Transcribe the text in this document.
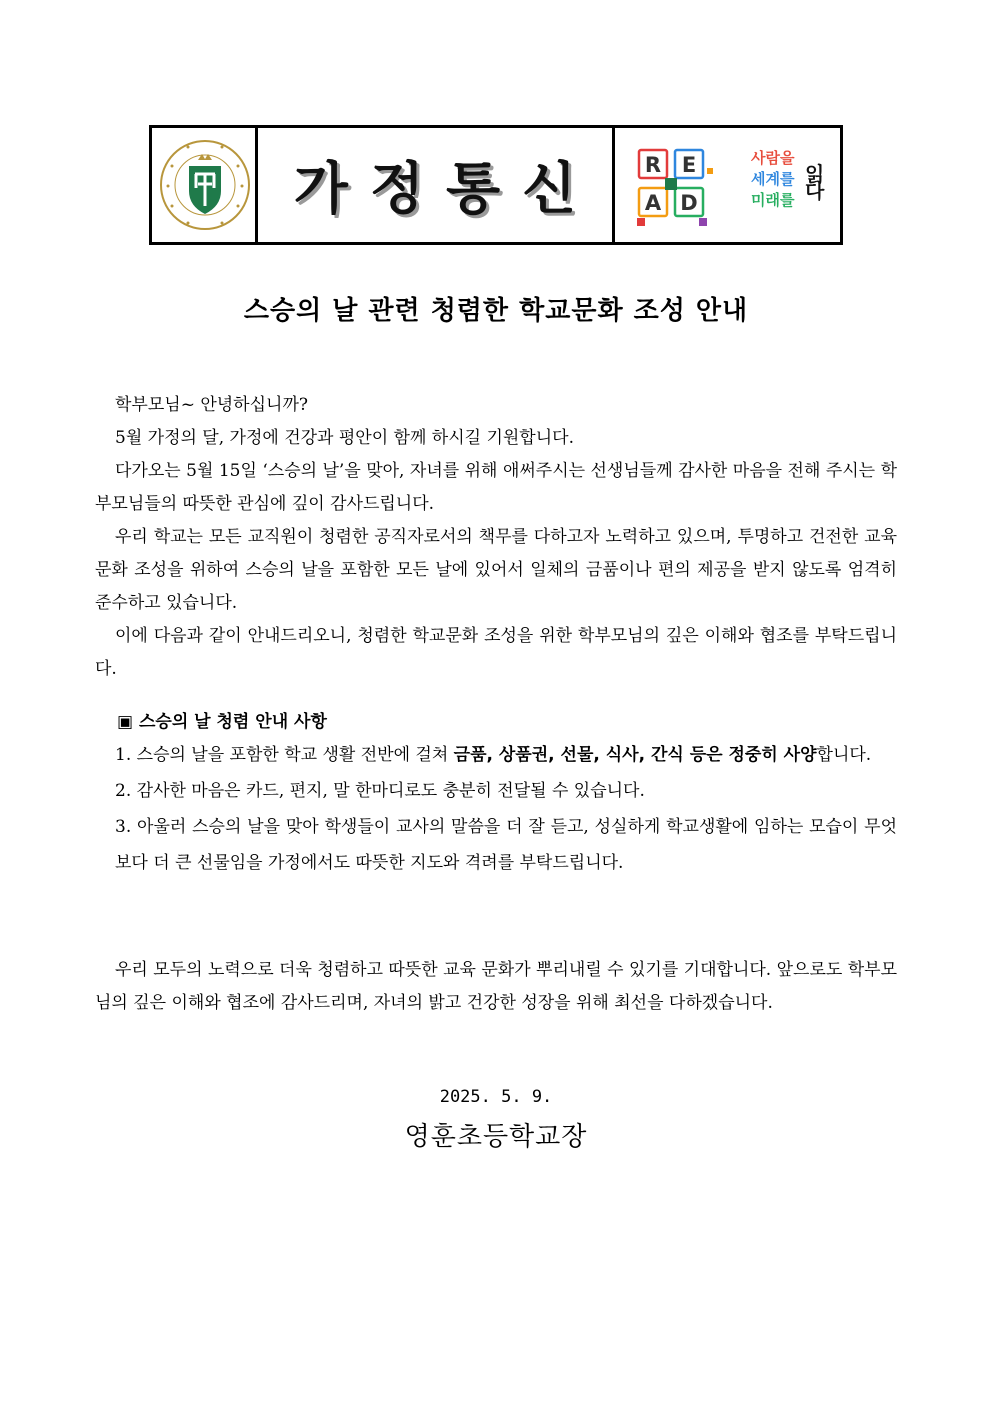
가정통신 R E
A D
사람을
세계를
미래를
읽다
스승의 날 관련 청렴한 학교문화 조성 안내

학부모님~ 안녕하십니까?

5월 가정의 달, 가정에 건강과 평안이 함께 하시길 기원합니다.

다가오는 5월 15일 ‘스승의 날’을 맞아, 자녀를 위해 애써주시는 선생님들께 감사한 마음을 전해 주시는 학부모님들의 따뜻한 관심에 깊이 감사드립니다.

우리 학교는 모든 교직원이 청렴한 공직자로서의 책무를 다하고자 노력하고 있으며, 투명하고 건전한 교육문화 조성을 위하여 스승의 날을 포함한 모든 날에 있어서 일체의 금품이나 편의 제공을 받지 않도록 엄격히 준수하고 있습니다.

이에 다음과 같이 안내드리오니, 청렴한 학교문화 조성을 위한 학부모님의 깊은 이해와 협조를 부탁드립니다.

▣ 스승의 날 청렴 안내 사항

1. 스승의 날을 포함한 학교 생활 전반에 걸쳐 금품, 상품권, 선물, 식사, 간식 등은 정중히 사양합니다.
2. 감사한 마음은 카드, 편지, 말 한마디로도 충분히 전달될 수 있습니다.
3. 아울러 스승의 날을 맞아 학생들이 교사의 말씀을 더 잘 듣고, 성실하게 학교생활에 임하는 모습이 무엇보다 더 큰 선물임을 가정에서도 따뜻한 지도와 격려를 부탁드립니다.

우리 모두의 노력으로 더욱 청렴하고 따뜻한 교육 문화가 뿌리내릴 수 있기를 기대합니다. 앞으로도 학부모님의 깊은 이해와 협조에 감사드리며, 자녀의 밝고 건강한 성장을 위해 최선을 다하겠습니다.

2025. 5. 9.
영훈초등학교장
